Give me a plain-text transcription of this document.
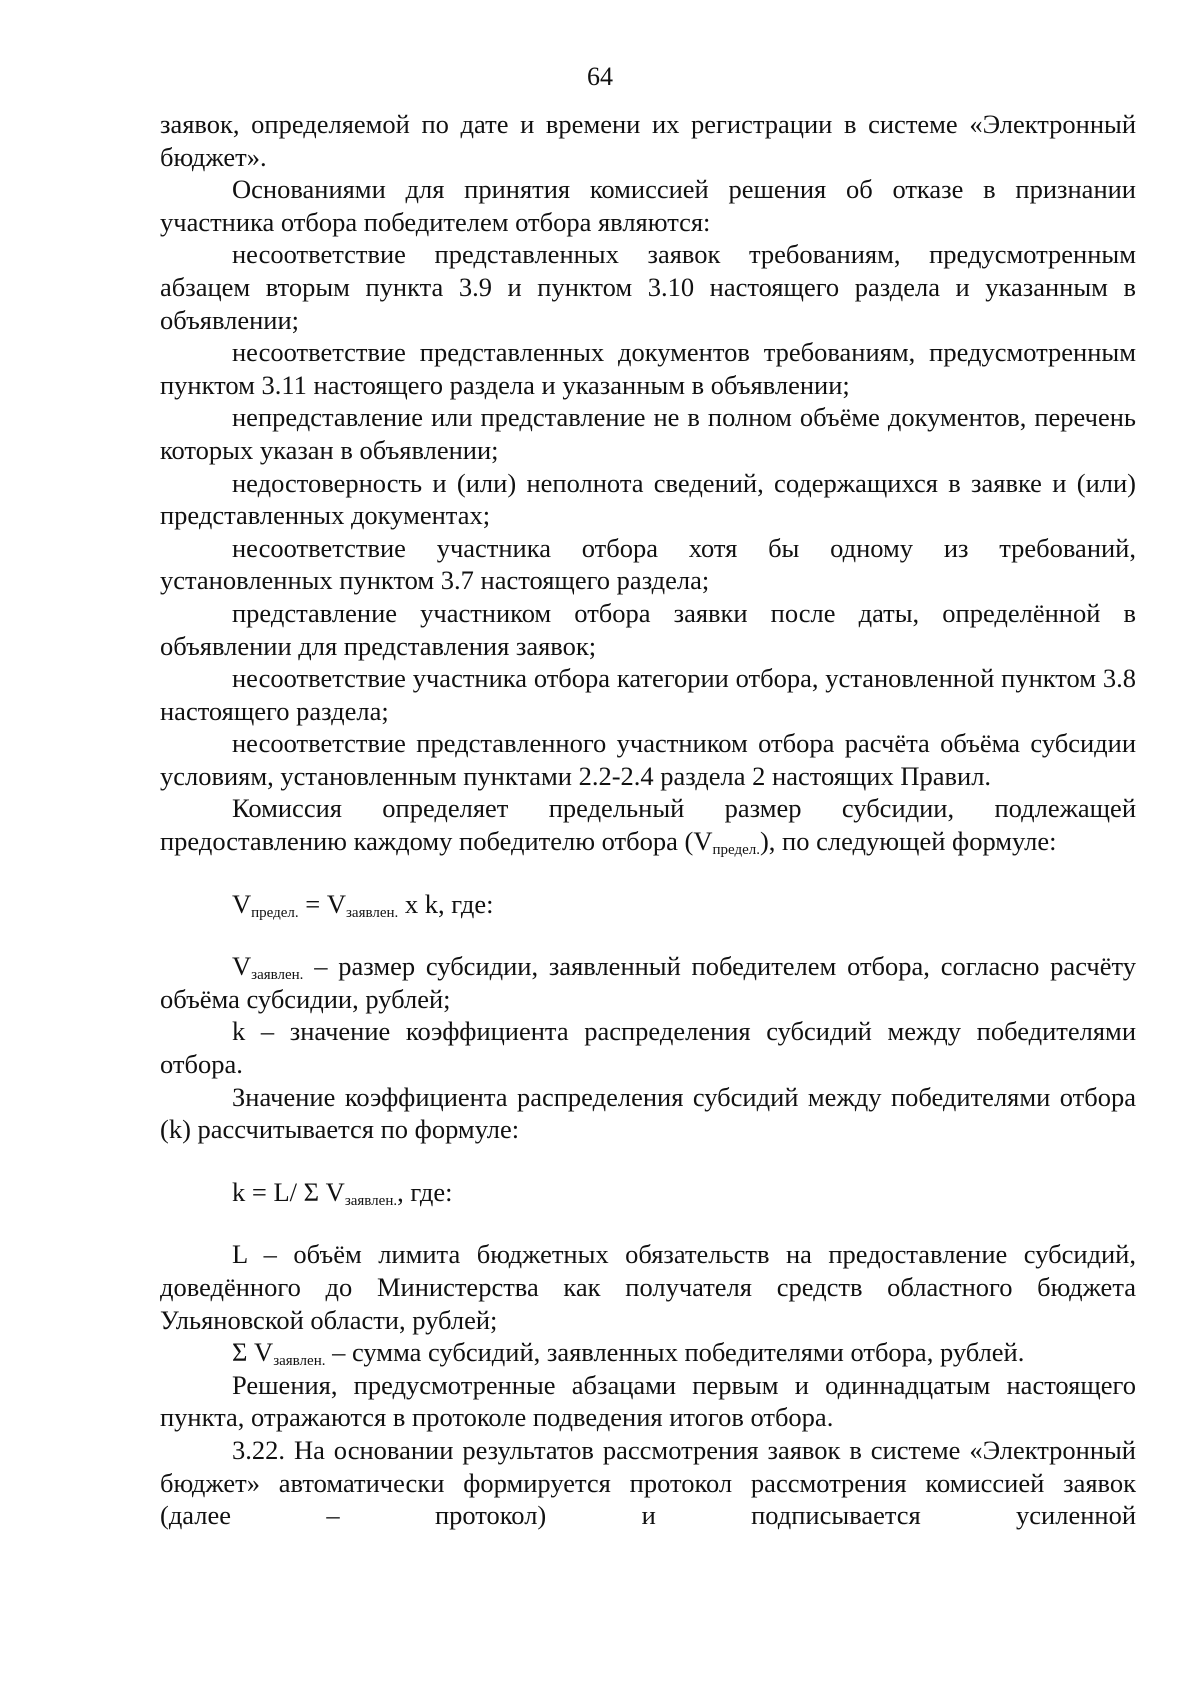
64

заявок, определяемой по дате и времени их регистрации в системе «Электронный бюджет».

Основаниями для принятия комиссией решения об отказе в признании участника отбора победителем отбора являются:

несоответствие представленных заявок требованиям, предусмотренным абзацем вторым пункта 3.9 и пунктом 3.10 настоящего раздела и указанным в объявлении;

несоответствие представленных документов требованиям, предусмотренным пунктом 3.11 настоящего раздела и указанным в объявлении;

непредставление или представление не в полном объёме документов, перечень которых указан в объявлении;

недостоверность и (или) неполнота сведений, содержащихся в заявке и (или) представленных документах;

несоответствие участника отбора хотя бы одному из требований, установленных пунктом 3.7 настоящего раздела;

представление участником отбора заявки после даты, определённой в объявлении для представления заявок;

несоответствие участника отбора категории отбора, установленной пунктом 3.8 настоящего раздела;

несоответствие представленного участником отбора расчёта объёма субсидии условиям, установленным пунктами 2.2-2.4 раздела 2 настоящих Правил.

Комиссия определяет предельный размер субсидии, подлежащей предоставлению каждому победителю отбора $(V_{предел.})$, по следующей формуле:

$V_{предел.} = V_{заявлен.}$ x k, где:

$V_{заявлен.}$ – размер субсидии, заявленный победителем отбора, согласно расчёту объёма субсидии, рублей;

k – значение коэффициента распределения субсидий между победителями отбора.

Значение коэффициента распределения субсидий между победителями отбора (k) рассчитывается по формуле:

k = L/ Σ $V_{заявлен.}$, где:

L – объём лимита бюджетных обязательств на предоставление субсидий, доведённого до Министерства как получателя средств областного бюджета Ульяновской области, рублей;

Σ $V_{заявлен.}$ – сумма субсидий, заявленных победителями отбора, рублей.

Решения, предусмотренные абзацами первым и одиннадцатым настоящего пункта, отражаются в протоколе подведения итогов отбора.

3.22. На основании результатов рассмотрения заявок в системе «Электронный бюджет» автоматически формируется протокол рассмотрения комиссией заявок (далее – протокол) и подписывается усиленной
